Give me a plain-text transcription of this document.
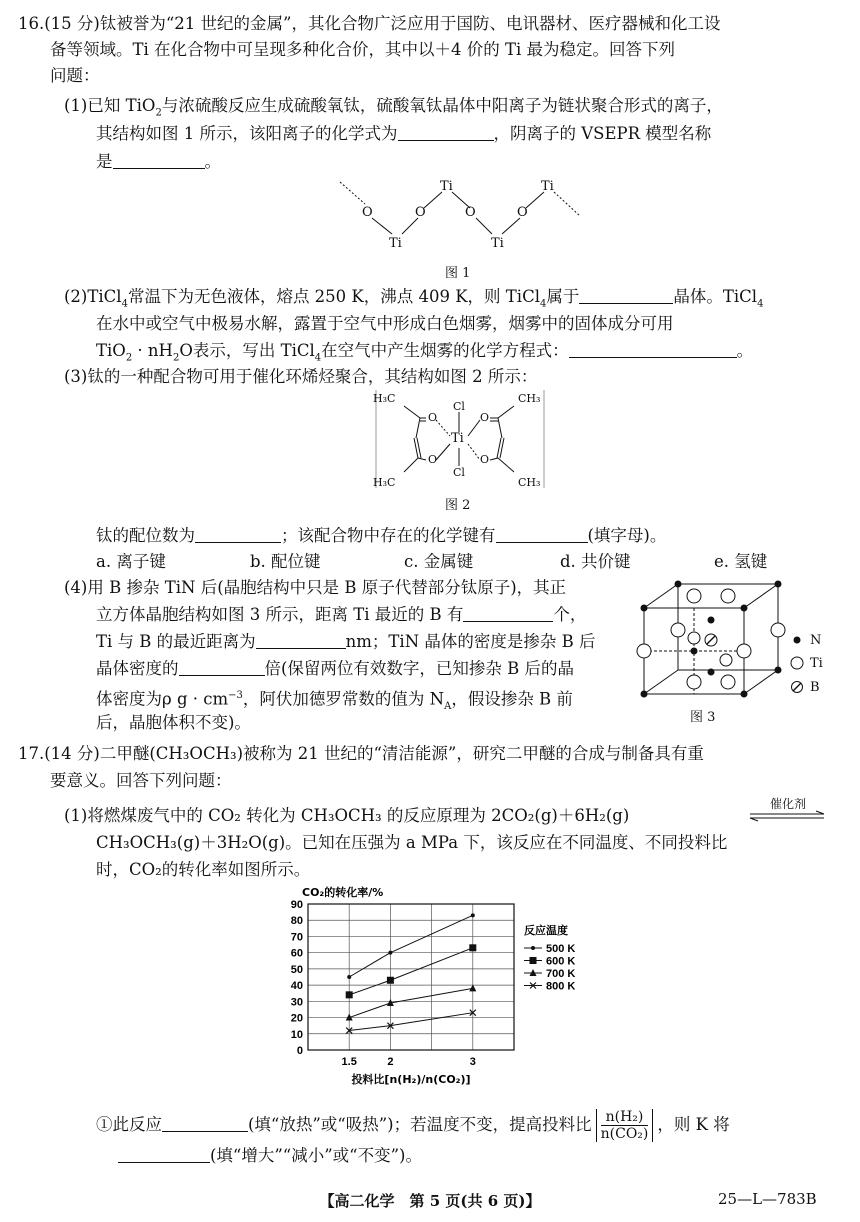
16.(15 分)钛被誉为“21 世纪的金属”，其化合物广泛应用于国防、电讯器材、医疗器械和化工设
备等领域。Ti 在化合物中可呈现多种化合价，其中以＋4 价的 Ti 最为稳定。回答下列
问题：
(1)已知 TiO$_2$与浓硫酸反应生成硫酸氧钛，硫酸氧钛晶体中阳离子为链状聚合形式的离子，
其结构如图 1 所示，该阳离子的化学式为	，阴离子的 VSEPR 模型名称
是	。
O
Ti
O	O	O
Ti
Ti	Ti
图 1
(2)TiCl$_4$常温下为无色液体，熔点 250 K，沸点 409 K，则 TiCl$_4$属于	晶体。TiCl$_4$
在水中或空气中极易水解，露置于空气中形成白色烟雾，烟雾中的固体成分可用
$TiO_2 \cdot nH_2O$表示，写出 TiCl$_4$在空气中产生烟雾的化学方程式：	。
(3)钛的一种配合物可用于催化环烯烃聚合，其结构如图 2 所示：
H₃C	CH₃
Cl
O	O
Ti
O	O
Cl
H₃C	CH₃
图 2
钛的配位数为	；该配合物中存在的化学键有	(填字母)。
a. 离子键	b. 配位键	c. 金属键	d. 共价键	e. 氢键
(4)用 B 掺杂 TiN 后(晶胞结构中只是 B 原子代替部分钛原子)，其正
立方体晶胞结构如图 3 所示，距离 Ti 最近的 B 有	个，
Ti 与 B 的最近距离为	nm；TiN 晶体的密度是掺杂 B 后
晶体密度的	倍(保留两位有效数字，已知掺杂 B 后的晶
体密度为ρ $g \cdot cm^{-3}$，阿伏加德罗常数的值为 $N_A$，假设掺杂 B 前
后，晶胞体积不变)。
N
Ti
B
图 3
17.(14 分)二甲醚(CH₃OCH₃)被称为 21 世纪的“清洁能源”，研究二甲醚的合成与制备具有重
要意义。回答下列问题：
(1)将燃煤废气中的 CO₂ 转化为 CH₃OCH₃ 的反应原理为 2CO₂(g)＋6H₂(g)
催化剂
CH₃OCH₃(g)＋3H₂O(g)。已知在压强为 a MPa 下，该反应在不同温度、不同投料比
时，CO₂的转化率如图所示。
0
10
20
30
40
50
60
70
80
90
1.5	2	3
CO₂的转化率/%
投料比[n(H₂)/n(CO₂)]
500 K
600 K
700 K
800 K
反应温度
①此反应	(填“放热”或“吸热”)；若温度不变，提高投料比 $\frac{\text{n(H₂)}}{\text{n(CO₂)}}$ ，则 K 将
(填“增大”“减小”或“不变”)。
【高二化学　第 5 页(共 6 页)】	25—L—783B
